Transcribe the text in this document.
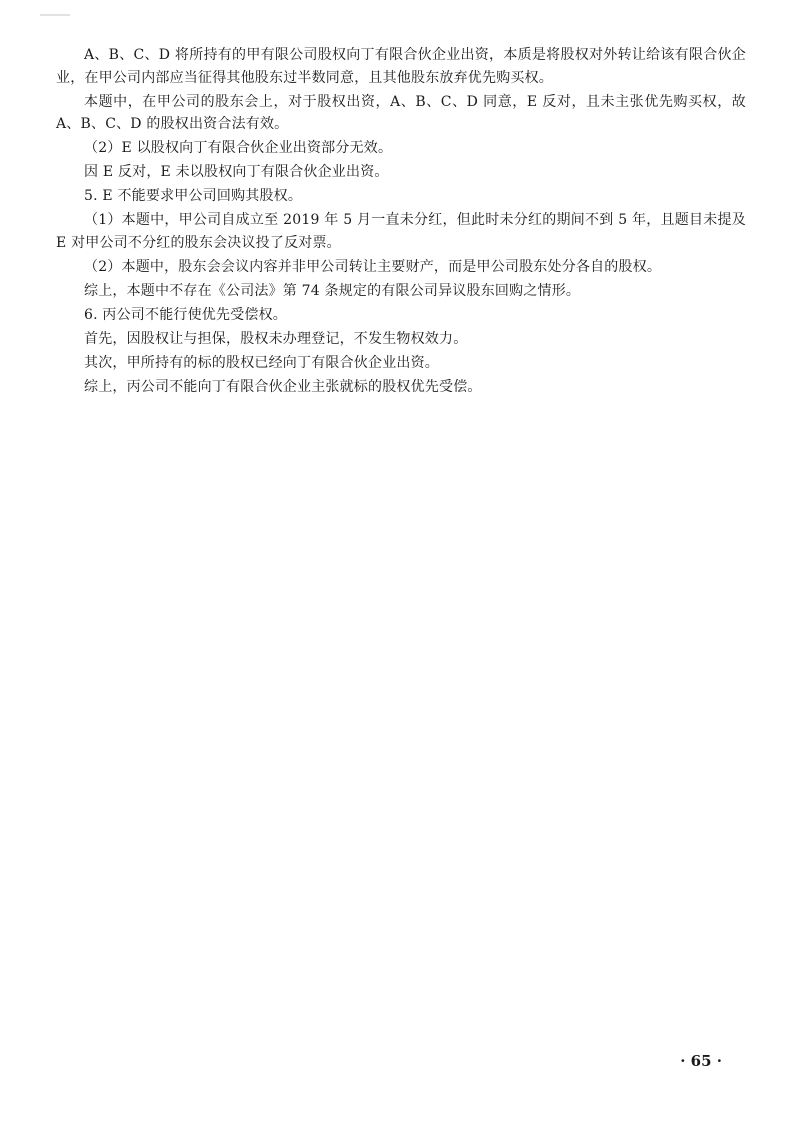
A、B、C、D 将所持有的甲有限公司股权向丁有限合伙企业出资，本质是将股权对外转让给该有限合伙企业，在甲公司内部应当征得其他股东过半数同意，且其他股东放弃优先购买权。

本题中，在甲公司的股东会上，对于股权出资，A、B、C、D 同意，E 反对，且未主张优先购买权，故 A、B、C、D 的股权出资合法有效。

（2）E 以股权向丁有限合伙企业出资部分无效。

因 E 反对，E 未以股权向丁有限合伙企业出资。

5. E 不能要求甲公司回购其股权。

（1）本题中，甲公司自成立至 2019 年 5 月一直未分红，但此时未分红的期间不到 5 年，且题目未提及 E 对甲公司不分红的股东会决议投了反对票。

（2）本题中，股东会会议内容并非甲公司转让主要财产，而是甲公司股东处分各自的股权。

综上，本题中不存在《公司法》第 74 条规定的有限公司异议股东回购之情形。

6. 丙公司不能行使优先受偿权。

首先，因股权让与担保，股权未办理登记，不发生物权效力。

其次，甲所持有的标的股权已经向丁有限合伙企业出资。

综上，丙公司不能向丁有限合伙企业主张就标的股权优先受偿。

· 65 ·
